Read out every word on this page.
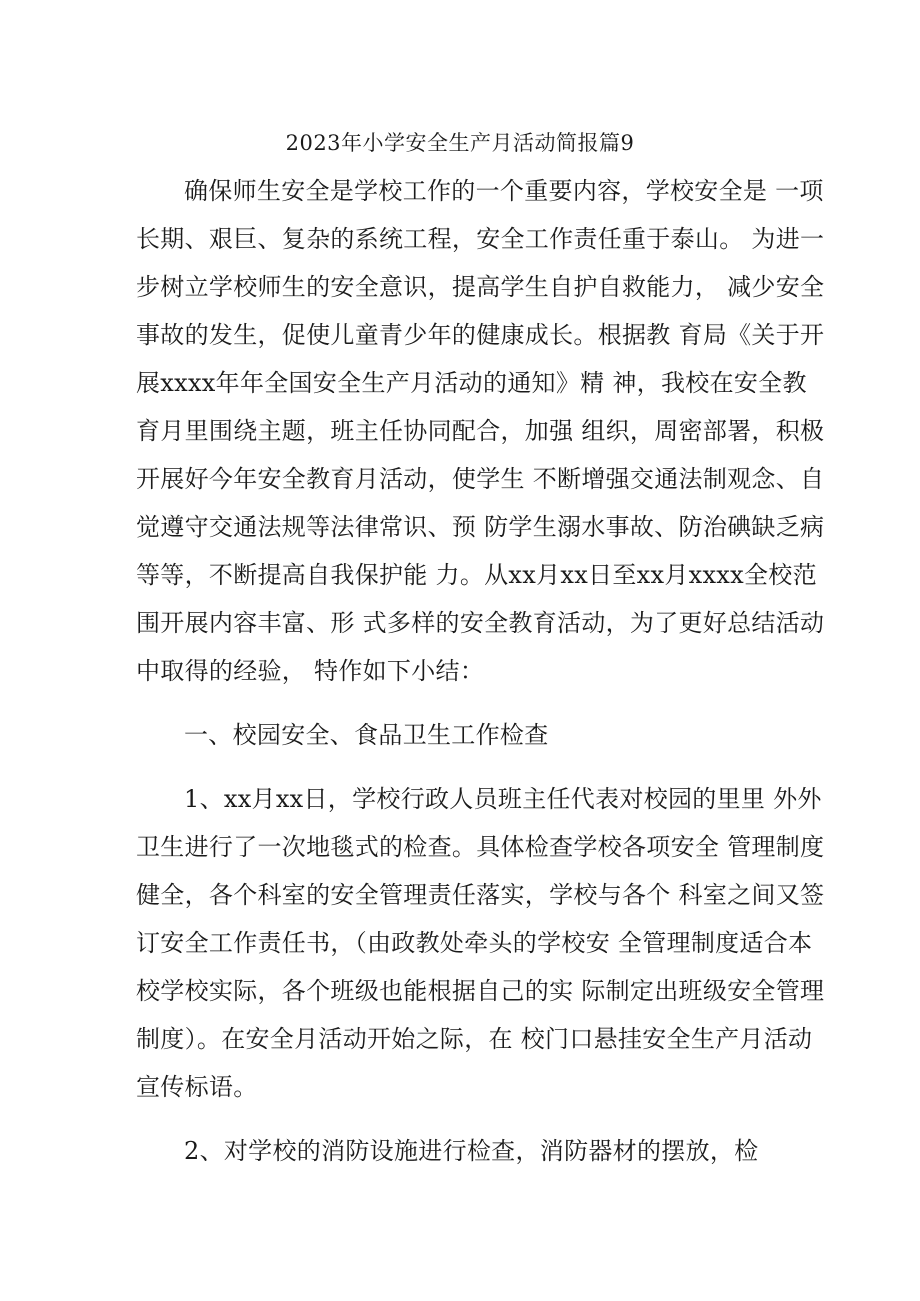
2023年小学安全生产月活动简报篇9
确保师生安全是学校工作的一个重要内容，学校安全是 一项
长期、艰巨、复杂的系统工程，安全工作责任重于泰山。 为进一
步树立学校师生的安全意识，提高学生自护自救能力， 减少安全
事故的发生，促使儿童青少年的健康成长。根据教 育局《关于开
展xxxx年年全国安全生产月活动的通知》精 神，我校在安全教
育月里围绕主题，班主任协同配合，加强 组织，周密部署，积极
开展好今年安全教育月活动，使学生 不断增强交通法制观念、自
觉遵守交通法规等法律常识、预 防学生溺水事故、防治碘缺乏病
等等，不断提高自我保护能 力。从xx月xx日至xx月xxxx全校范
围开展内容丰富、形 式多样的安全教育活动，为了更好总结活动
中取得的经验， 特作如下小结：
一、校园安全、食品卫生工作检查
1、xx月xx日，学校行政人员班主任代表对校园的里里 外外
卫生进行了一次地毯式的检查。具体检查学校各项安全 管理制度
健全，各个科室的安全管理责任落实，学校与各个 科室之间又签
订安全工作责任书，（由政教处牵头的学校安 全管理制度适合本
校学校实际，各个班级也能根据自己的实 际制定出班级安全管理
制度）。在安全月活动开始之际，在 校门口悬挂安全生产月活动
宣传标语。
2、对学校的消防设施进行检查，消防器材的摆放，检
